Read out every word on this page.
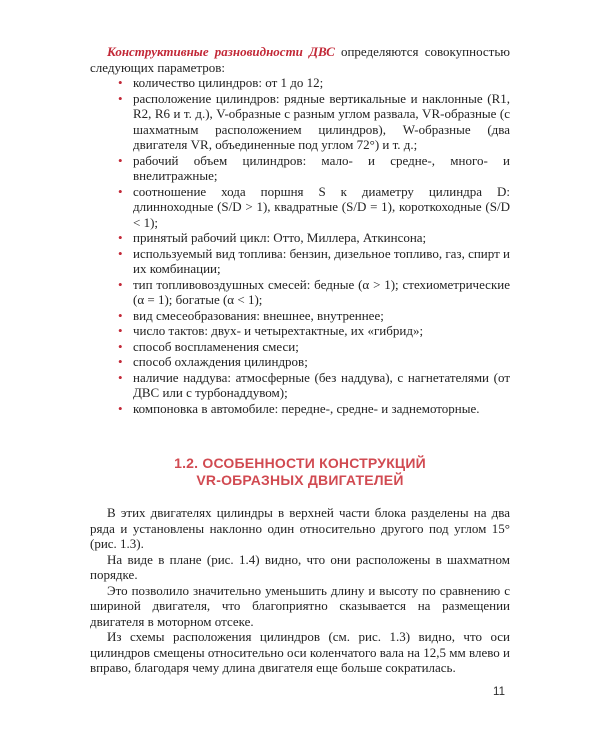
Конструктивные разновидности ДВС определяются совокупностью следующих параметров:

• количество цилиндров: от 1 до 12;
• расположение цилиндров: рядные вертикальные и наклонные (R1, R2, R6 и т. д.), V-образные с разным углом развала, VR-образные (с шахматным расположением цилиндров), W-образные (два двигателя VR, объединенные под углом 72°) и т. д.;
• рабочий объем цилиндров: мало- и средне-, много- и внелитражные;
• соотношение хода поршня S к диаметру цилиндра D: длинноходные (S/D > 1), квадратные (S/D = 1), короткоходные (S/D < 1);
• принятый рабочий цикл: Отто, Миллера, Аткинсона;
• используемый вид топлива: бензин, дизельное топливо, газ, спирт и их комбинации;
• тип топливовоздушных смесей: бедные (α > 1); стехиометрические (α = 1); богатые (α < 1);
• вид смесеобразования: внешнее, внутреннее;
• число тактов: двух- и четырехтактные, их «гибрид»;
• способ воспламенения смеси;
• способ охлаждения цилиндров;
• наличие наддува: атмосферные (без наддува), с нагнетателями (от ДВС или с турбонаддувом);
• компоновка в автомобиле: передне-, средне- и заднемоторные.
1.2. ОСОБЕННОСТИ КОНСТРУКЦИЙ
VR-ОБРАЗНЫХ ДВИГАТЕЛЕЙ

В этих двигателях цилиндры в верхней части блока разделены на два ряда и установлены наклонно один относительно другого под углом 15° (рис. 1.3).

На виде в плане (рис. 1.4) видно, что они расположены в шахматном порядке.

Это позволило значительно уменьшить длину и высоту по сравнению с шириной двигателя, что благоприятно сказывается на размещении двигателя в моторном отсеке.

Из схемы расположения цилиндров (см. рис. 1.3) видно, что оси цилиндров смещены относительно оси коленчатого вала на 12,5 мм влево и вправо, благодаря чему длина двигателя еще больше сократилась.

11
